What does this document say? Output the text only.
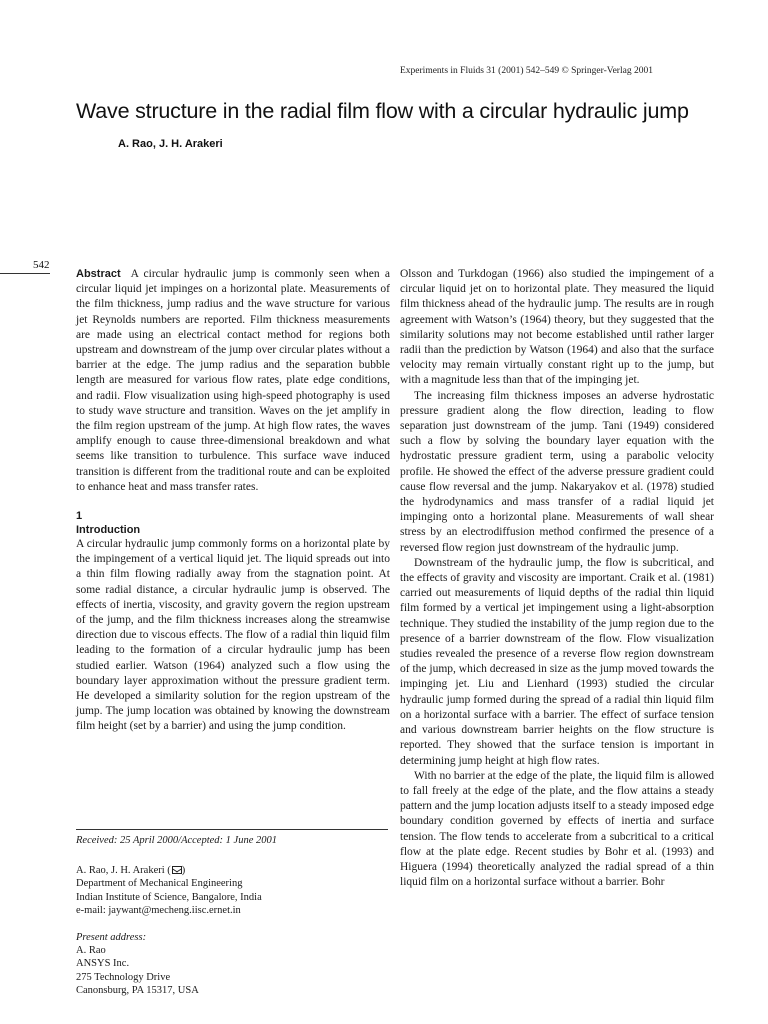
Experiments in Fluids 31 (2001) 542–549 © Springer-Verlag 2001
Wave structure in the radial film flow with a circular hydraulic jump
A. Rao, J. H. Arakeri
542

Abstract A circular hydraulic jump is commonly seen when a circular liquid jet impinges on a horizontal plate. Measurements of the film thickness, jump radius and the wave structure for various jet Reynolds numbers are reported. Film thickness measurements are made using an electrical contact method for regions both upstream and downstream of the jump over circular plates without a barrier at the edge. The jump radius and the separation bubble length are measured for various flow rates, plate edge conditions, and radii. Flow visualization using high-speed photography is used to study wave structure and transition. Waves on the jet amplify in the film region upstream of the jump. At high flow rates, the waves amplify enough to cause three-dimensional breakdown and what seems like transition to turbulence. This surface wave induced transition is different from the traditional route and can be exploited to enhance heat and mass transfer rates.

1

Introduction

A circular hydraulic jump commonly forms on a horizontal plate by the impingement of a vertical liquid jet. The liquid spreads out into a thin film flowing radially away from the stagnation point. At some radial distance, a circular hydraulic jump is observed. The effects of inertia, viscosity, and gravity govern the region upstream of the jump, and the film thickness increases along the streamwise direction due to viscous effects. The flow of a radial thin liquid film leading to the formation of a circular hydraulic jump has been studied earlier. Watson (1964) analyzed such a flow using the boundary layer approximation without the pressure gradient term. He developed a similarity solution for the region upstream of the jump. The jump location was obtained by knowing the downstream film height (set by a barrier) and using the jump condition.

Received: 25 April 2000/Accepted: 1 June 2001

A. Rao, J. H. Arakeri ( )

Department of Mechanical Engineering

Indian Institute of Science, Bangalore, India

e-mail: jaywant@mecheng.iisc.ernet.in

Present address:

A. Rao

ANSYS Inc.

275 Technology Drive

Canonsburg, PA 15317, USA

Olsson and Turkdogan (1966) also studied the impingement of a circular liquid jet on to horizontal plate. They measured the liquid film thickness ahead of the hydraulic jump. The results are in rough agreement with Watson’s (1964) theory, but they suggested that the similarity solutions may not become established until rather larger radii than the prediction by Watson (1964) and also that the surface velocity may remain virtually constant right up to the jump, but with a magnitude less than that of the impinging jet.

The increasing film thickness imposes an adverse hydrostatic pressure gradient along the flow direction, leading to flow separation just downstream of the jump. Tani (1949) considered such a flow by solving the boundary layer equation with the hydrostatic pressure gradient term, using a parabolic velocity profile. He showed the effect of the adverse pressure gradient could cause flow reversal and the jump. Nakaryakov et al. (1978) studied the hydrodynamics and mass transfer of a radial liquid jet impinging onto a horizontal plane. Measurements of wall shear stress by an electrodiffusion method confirmed the presence of a reversed flow region just downstream of the hydraulic jump.

Downstream of the hydraulic jump, the flow is subcritical, and the effects of gravity and viscosity are important. Craik et al. (1981) carried out measurements of liquid depths of the radial thin liquid film formed by a vertical jet impingement using a light-absorption technique. They studied the instability of the jump region due to the presence of a barrier downstream of the flow. Flow visualization studies revealed the presence of a reverse flow region downstream of the jump, which decreased in size as the jump moved towards the impinging jet. Liu and Lienhard (1993) studied the circular hydraulic jump formed during the spread of a radial thin liquid film on a horizontal surface with a barrier. The effect of surface tension and various downstream barrier heights on the flow structure is reported. They showed that the surface tension is important in determining jump height at high flow rates.

With no barrier at the edge of the plate, the liquid film is allowed to fall freely at the edge of the plate, and the flow attains a steady pattern and the jump location adjusts itself to a steady imposed edge boundary condition governed by effects of inertia and surface tension. The flow tends to accelerate from a subcritical to a critical flow at the plate edge. Recent studies by Bohr et al. (1993) and Higuera (1994) theoretically analyzed the radial spread of a thin liquid film on a horizontal surface without a barrier. Bohr
